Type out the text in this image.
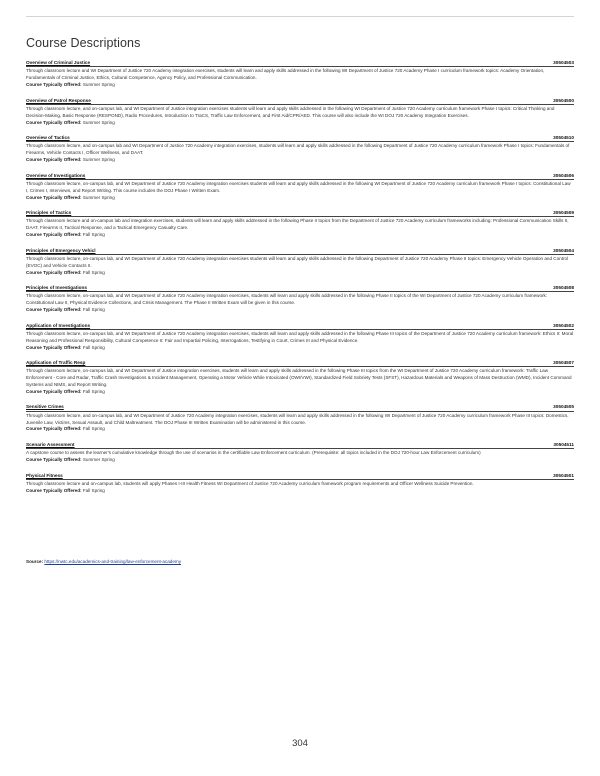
Course Descriptions
Overview of Criminal Justice	30504503

Through classroom lecture and WI Department of Justice 720 Academy integration exercises, students will learn and apply skills addressed in the following WI Department of Justice 720 Academy Phase I curriculum framework topics: Academy Orientation, Fundamentals of Criminal Justice, Ethics, Cultural Competence, Agency Policy, and Professional Communication.

Course Typically Offered: Summer Spring

Overview of Patrol Response	30504500

Through classroom lecture, and on-campus lab, and WI Department of Justice integration exercises students will learn and apply skills addressed in the following WI Department of Justice 720 Academy curriculum framework Phase I topics: Critical Thinking and Decision-Making, Basic Response (RESPOND), Radio Procedures, Introduction to TraCS, Traffic Law Enforcement, and First Aid/CPR/AED. This course will also include the WI DOJ 720 Academy Integration Exercises.

Course Typically Offered: Summer Spring

Overview of Tactics	30504510

Through classroom lecture, and on-campus lab and WI Department of Justice 720 Academy integration exercises, students will learn and apply skills addressed in the following Department of Justice 720 Academy curriculum framework Phase I topics: Fundamentals of Firearms, Vehicle Contacts I, Officer Wellness, and DAAT.

Course Typically Offered: Summer Spring

Overview of Investigations	30504506

Through classroom lecture, on-campus lab, and WI Department of Justice 720 Academy integration exercises students will learn and apply skills addressed in the following WI Department of Justice 720 Academy curriculum framework Phase I topics: Constitutional Law I, Crimes I, Interviews, and Report Writing. This course includes the DOJ Phase I Written Exam.

Course Typically Offered: Summer Spring

Principles of Tactics	30504509

Through classroom lecture and on-campus lab and integration exercises, students will learn and apply skills addressed in the following Phase II topics from the Department of Justice 720 Academy curriculum frameworks including: Professional Communication Skills II, DAAT, Firearms II, Tactical Response, and a Tactical Emergency Casualty Care.

Course Typically Offered: Fall Spring

Principles of Emergency Vehicl	30504504

Through classroom lecture, on-campus lab, and WI Department of Justice 720 Academy integration exercises students will learn and apply skills addressed in the following Department of Justice 720 Academy Phase II topics: Emergency Vehicle Operation and Control (EVOC) and Vehicle Contacts II.

Course Typically Offered: Fall Spring

Principles of Investigations	30504508

Through classroom lecture, on-campus lab, and WI Department of Justice 720 Academy integration exercises, students will learn and apply skills addressed in the following Phase II topics of the WI Department of Justice 720 Academy curriculum framework: Constitutional Law II, Physical Evidence Collections, and Crisis Management. The Phase II Written Exam will be given in this course.

Course Typically Offered: Fall Spring

Application of Investigations	30504502

Through classroom lecture, on-campus lab, and WI Department of Justice 720 Academy integration exercises, students will learn and apply skills addressed in the following Phase III topics of the Department of Justice 720 Academy curriculum framework: Ethics II: Moral Reasoning and Professional Responsibility, Cultural Competence II: Fair and Impartial Policing, Interrogations, Testifying in Court, Crimes III and Physical Evidence.

Course Typically Offered: Fall Spring

Application of Traffic Resp	30504507

Through classroom lecture, on-campus lab, and WI Department of Justice integration exercises, students will learn and apply skills addressed in the following Phase III topics from the WI Department of Justice 720 Academy curriculum framework: Traffic Law Enforcement - Core and Radar, Traffic Crash Investigations & Incident Management, Operating a Motor Vehicle While Intoxicated (OWI/VWI), Standardized Field Sobriety Tests (SFST), Hazardous Materials and Weapons of Mass Destruction (WMD), Incident Command Systems and NIMS, and Report Writing.

Course Typically Offered: Fall Spring

Sensitive Crimes	30504505

Through classroom lecture, and on-campus lab, and WI Department of Justice 720 Academy integration exercises, students will learn and apply skills addressed in the following WI Department of Justice 720 Academy curriculum framework Phase III topics: Domestics, Juvenile Law, Victims, Sexual Assault, and Child Maltreatment. The DOJ Phase III Written Examination will be administered in this course.

Course Typically Offered: Fall Spring

Scenario Assessment	30504511

A capstone course to assess the learner's cumulative knowledge through the use of scenarios in the certifiable Law Enforcement curriculum. (Prerequisite: all topics included in the DOJ 720-hour Law Enforcement curriculum)

Course Typically Offered: Summer Spring

Physical Fitness	30504501

Through classroom lecture and on-campus lab, students will apply Phases I-III Health Fitness WI Department of Justice 720 Academy curriculum framework program requirements and Officer Wellness Suicide Prevention.

Course Typically Offered: Fall Spring

Source: https://nwtc.edu/academics-and-training/law-enforcement-academy
304
